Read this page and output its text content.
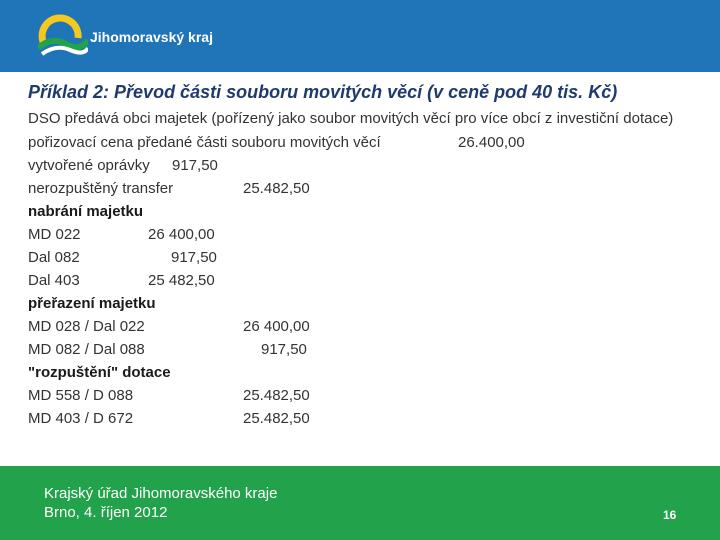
Jihomoravský kraj
Příklad 2: Převod části souboru movitých věcí (v ceně pod 40 tis. Kč)
DSO předává obci majetek (pořízený jako soubor movitých věcí pro více obcí z investiční dotace)
pořizovací cena předané části souboru movitých věcí	26.400,00
vytvořené oprávky 917,50
nerozpuštěný transfer	25.482,50
nabrání majetku
MD 022	26 400,00
Dal 082	917,50
Dal 403	25 482,50
přeřazení majetku
MD 028 / Dal 022	26 400,00
MD 082 / Dal 088	917,50
"rozpuštění" dotace
MD 558 / D 088	25.482,50
MD 403 / D 672	25.482,50
Krajský úřad Jihomoravského kraje
Brno, 4. říjen 2012	16
